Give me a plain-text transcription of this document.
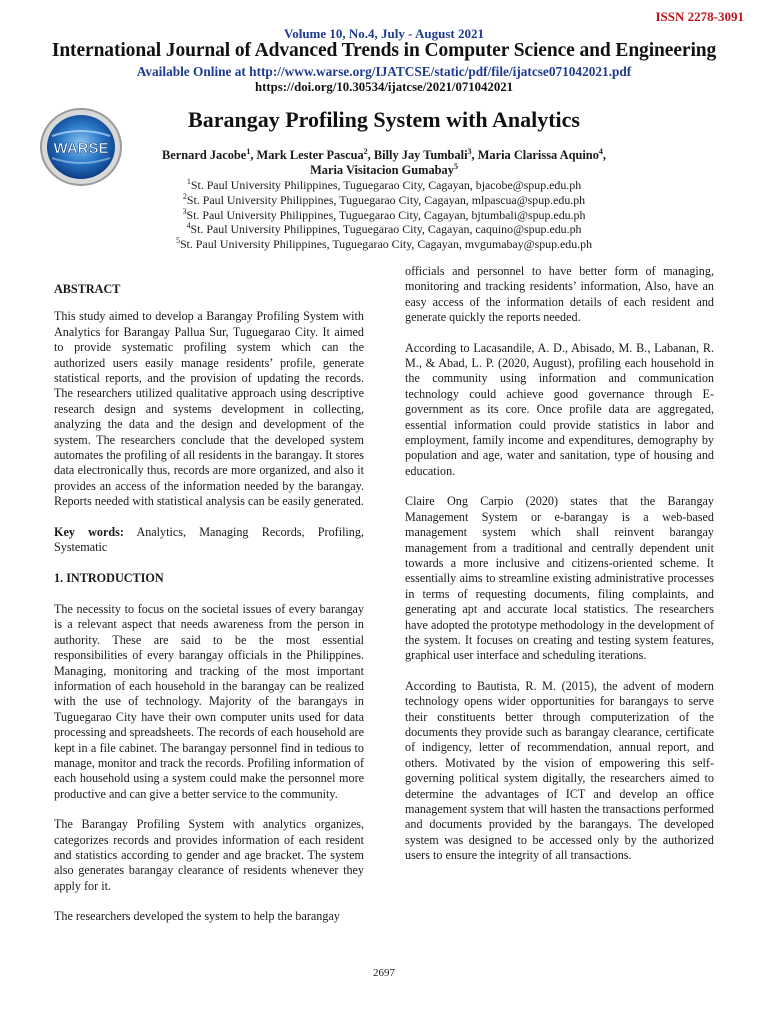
ISSN 2278-3091
Volume 10, No.4, July - August 2021
International Journal of Advanced Trends in Computer Science and Engineering
Available Online at http://www.warse.org/IJATCSE/static/pdf/file/ijatcse071042021.pdf
https://doi.org/10.30534/ijatcse/2021/071042021
WARSE
Barangay Profiling System with Analytics
Bernard Jacobe$^1$, Mark Lester Pascua$^2$, Billy Jay Tumbali$^3$, Maria Clarissa Aquino$^4$,
Maria Visitacion Gumabay$^5$
$^1$St. Paul University Philippines, Tuguegarao City, Cagayan, bjacobe@spup.edu.ph
$^2$St. Paul University Philippines, Tuguegarao City, Cagayan, mlpascua@spup.edu.ph
$^3$St. Paul University Philippines, Tuguegarao City, Cagayan, bjtumbali@spup.edu.ph
$^4$St. Paul University Philippines, Tuguegarao City, Cagayan, caquino@spup.edu.ph
$^5$St. Paul University Philippines, Tuguegarao City, Cagayan, mvgumabay@spup.edu.ph
ABSTRACT

This study aimed to develop a Barangay Profiling System with Analytics for Barangay Pallua Sur, Tuguegarao City. It aimed to provide systematic profiling system which can the authorized users easily manage residents’ profile, generate statistical reports, and the provision of updating the records. The researchers utilized qualitative approach using descriptive research design and systems development in collecting, analyzing the data and the design and development of the system. The researchers conclude that the developed system automates the profiling of all residents in the barangay. It stores data electronically thus, records are more organized, and also it provides an access of the information needed by the barangay. Reports needed with statistical analysis can be easily generated.

Key words: Analytics, Managing Records, Profiling, Systematic

1. INTRODUCTION

The necessity to focus on the societal issues of every barangay is a relevant aspect that needs awareness from the person in authority. These are said to be the most essential responsibilities of every barangay officials in the Philippines. Managing, monitoring and tracking of the most important information of each household in the barangay can be realized with the use of technology. Majority of the barangays in Tuguegarao City have their own computer units used for data processing and spreadsheets. The records of each household are kept in a file cabinet. The barangay personnel find in tedious to manage, monitor and track the records. Profiling information of each household using a system could make the personnel more productive and can give a better service to the community.

The Barangay Profiling System with analytics organizes, categorizes records and provides information of each resident and statistics according to gender and age bracket. The system also generates barangay clearance of residents whenever they apply for it.

The researchers developed the system to help the barangay

officials and personnel to have better form of managing, monitoring and tracking residents’ information, Also, have an easy access of the information details of each resident and generate quickly the reports needed.

According to Lacasandile, A. D., Abisado, M. B., Labanan, R. M., & Abad, L. P. (2020, August), profiling each household in the community using information and communication technology could achieve good governance through E-government as its core. Once profile data are aggregated, essential information could provide statistics in labor and employment, family income and expenditures, demography by population and age, water and sanitation, type of housing and education.

Claire Ong Carpio (2020) states that the Barangay Management System or e-barangay is a web-based management system which shall reinvent barangay management from a traditional and centrally dependent unit towards a more inclusive and citizens-oriented scheme. It essentially aims to streamline existing administrative processes in terms of requesting documents, filing complaints, and generating apt and accurate local statistics. The researchers have adopted the prototype methodology in the development of the system. It focuses on creating and testing system features, graphical user interface and scheduling iterations.

According to Bautista, R. M. (2015), the advent of modern technology opens wider opportunities for barangays to serve their constituents better through computerization of the documents they provide such as barangay clearance, certificate of indigency, letter of recommendation, annual report, and others. Motivated by the vision of empowering this self-governing political system digitally, the researchers aimed to determine the advantages of ICT and develop an office management system that will hasten the transactions performed and documents provided by the barangays. The developed system was designed to be accessed only by the authorized users to ensure the integrity of all transactions.

2697
